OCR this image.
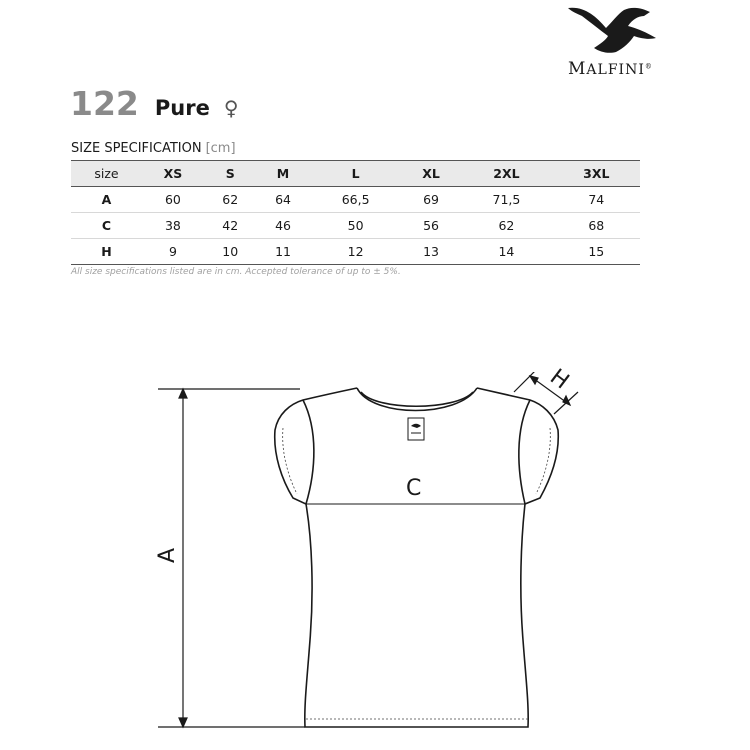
MALFINI®
122 Pure ♀
SIZE SPECIFICATION [cm]
size	XS	S	M	L	XL	2XL	3XL
A	60	62	64	66,5	69	71,5	74
C	38	42	46	50	56	62	68
H	9	10	11	12	13	14	15
All size specifications listed are in cm. Accepted tolerance of up to ± 5%.
A
C
H
